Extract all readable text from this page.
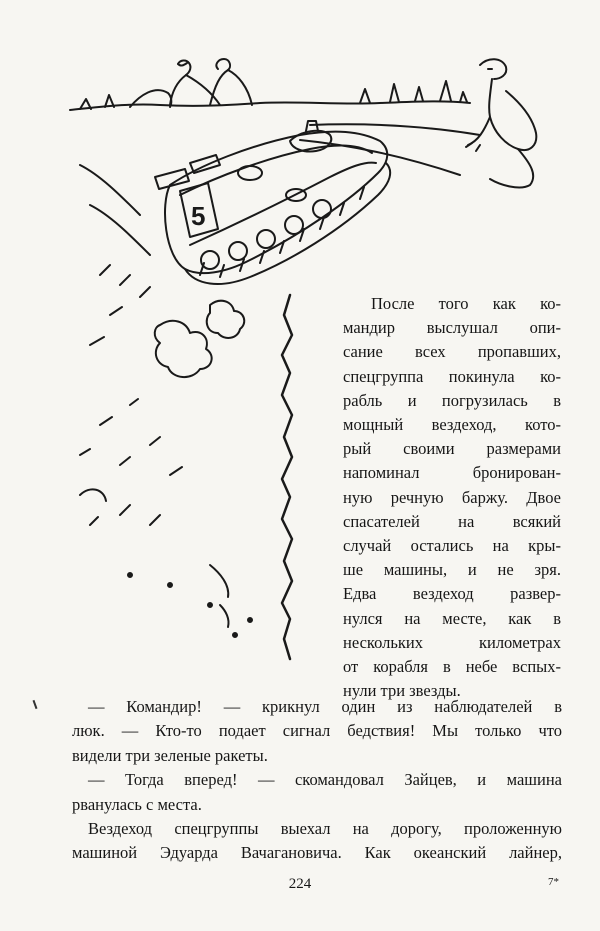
5
После того как ко-
мандир выслушал опи-
сание всех пропавших,
спецгруппа покинула ко-
рабль и погрузилась в
мощный вездеход, кото-
рый своими размерами
напоминал бронирован-
ную речную баржу. Двое
спасателей на всякий
случай остались на кры-
ше машины, и не зря.
Едва вездеход развер-
нулся на месте, как в
нескольких километрах
от корабля в небе вспых-
нули три звезды.

— Командир! — крикнул один из наблюдателей в
люк. — Кто-то подает сигнал бедствия! Мы только что
видели три зеленые ракеты.

— Тогда вперед! — скомандовал Зайцев, и машина
рванулась с места.

Вездеход спецгруппы выехал на дорогу, проложенную
машиной Эдуарда Вачагановича. Как океанский лайнер,

224	7*
